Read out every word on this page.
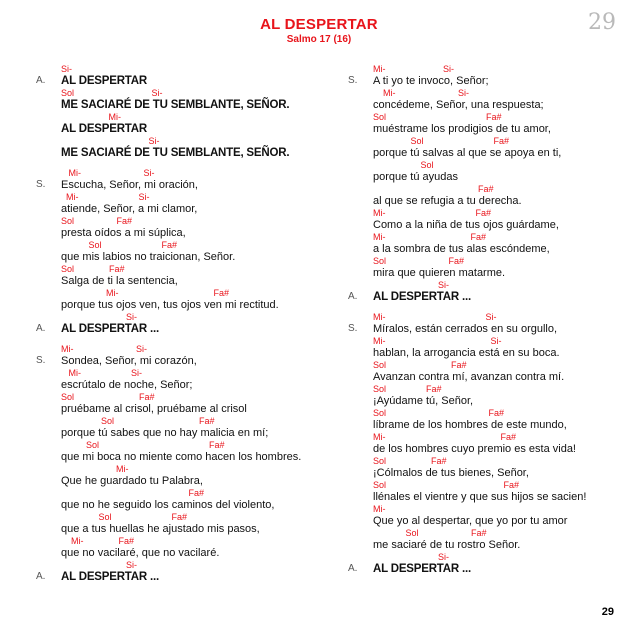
AL DESPERTAR
Salmo 17 (16)
29
A.
Si-
AL DESPERTAR
Sol                               Si-
ME SACIARÉ DE TU SEMBLANTE, SEÑOR.
Mi-
AL DESPERTAR
Si-
ME SACIARÉ DE TU SEMBLANTE, SEÑOR.
S.
Mi-                         Si-
Escucha, Señor, mi oración,
Mi-                        Si-
atiende, Señor, a mi clamor,
Sol                 Fa#
presta oídos a mi súplica,
Sol                        Fa#
que mis labios no traicionan, Señor.
Sol              Fa#
Salga de ti la sentencia,
Mi-                                      Fa#
porque tus ojos ven, tus ojos ven mi rectitud.
A.
Si-
AL DESPERTAR ...
S.
Mi-                         Si-
Sondea, Señor, mi corazón,
Mi-                    Si-
escrútalo de noche, Señor;
Sol                          Fa#
pruébame al crisol, pruébame al crisol
Sol                                  Fa#
porque tú sabes que no hay malicia en mí;
Sol                                            Fa#
que mi boca no miente como hacen los hombres.
Mi-
Que he guardado tu Palabra,
Fa#
que no he seguido los caminos del violento,
Sol                        Fa#
que a tus huellas he ajustado mis pasos,
Mi-              Fa#
que no vacilaré, que no vacilaré.
A.
Si-
AL DESPERTAR ...
S.
Mi-                       Si-
A ti yo te invoco, Señor;
Mi-                         Si-
concédeme, Señor, una respuesta;
Sol                                        Fa#
muéstrame los prodigios de tu amor,
Sol                            Fa#
porque tú salvas al que se apoya en ti,
Sol
porque tú ayudas
Fa#
al que se refugia a tu derecha.
Mi-                                    Fa#
Como a la niña de tus ojos guárdame,
Mi-                                  Fa#
a la sombra de tus alas escóndeme,
Sol                         Fa#
mira que quieren matarme.
A.
Si-
AL DESPERTAR ...
S.
Mi-                                        Si-
Míralos, están cerrados en su orgullo,
Mi-                                          Si-
hablan, la arrogancia está en su boca.
Sol                          Fa#
Avanzan contra mí, avanzan contra mí.
Sol                Fa#
¡Ayúdame tú, Señor,
Sol                                         Fa#
líbrame de los hombres de este mundo,
Mi-                                              Fa#
de los hombres cuyo premio es esta vida!
Sol                  Fa#
¡Cólmalos de tus bienes, Señor,
Sol                                               Fa#
llénales el vientre y que sus hijos se sacien!
Mi-
Que yo al despertar, que yo por tu amor
Sol                     Fa#
me saciaré de tu rostro Señor.
A.
Si-
AL DESPERTAR ...
29
